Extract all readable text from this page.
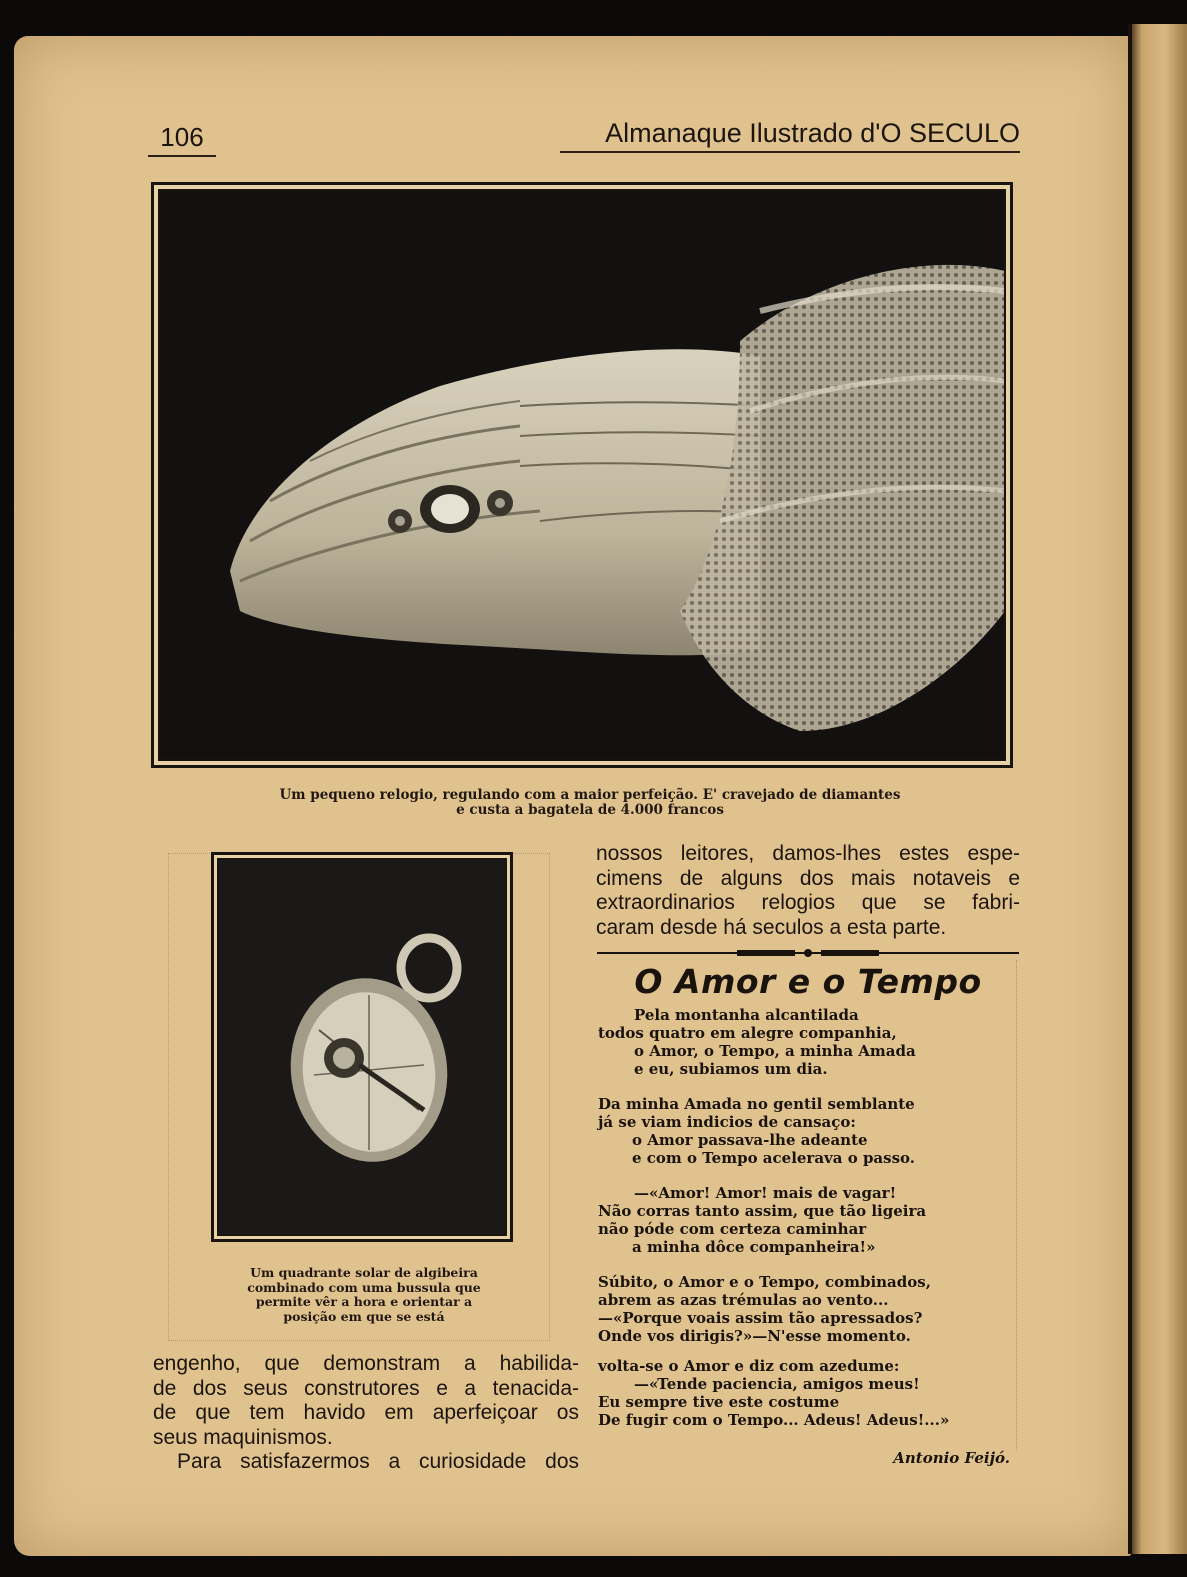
106	Almanaque Ilustrado d'O SECULO
Um pequeno relogio, regulando com a maior perfeição. E' cravejado de diamantes
e custa a bagatela de 4.000 francos
Um quadrante solar de algibeira
combinado com uma bussula que
permite vêr a hora e orientar a
posição em que se está
engenho, que demonstram a habilida-
de dos seus construtores e a tenacida-
de que tem havido em aperfeiçoar os
seus maquinismos.
Para satisfazermos a curiosidade dos
nossos leitores, damos-lhes estes espe-
cimens de alguns dos mais notaveis e
extraordinarios relogios que se fabri-
caram desde há seculos a esta parte.
O Amor e o Tempo
Pela montanha alcantilada
todos quatro em alegre companhia,
o Amor, o Tempo, a minha Amada
e eu, subiamos um dia.
Da minha Amada no gentil semblante
já se viam indicios de cansaço:
o Amor passava-lhe adeante
e com o Tempo acelerava o passo.
—«Amor! Amor! mais de vagar!
Não corras tanto assim, que tão ligeira
não póde com certeza caminhar
a minha dôce companheira!»
Súbito, o Amor e o Tempo, combinados,
abrem as azas trémulas ao vento...
—«Porque voais assim tão apressados?
Onde vos dirigis?»—N'esse momento.
volta-se o Amor e diz com azedume:
—«Tende paciencia, amigos meus!
Eu sempre tive este costume
De fugir com o Tempo... Adeus! Adeus!...»
Antonio Feijó.
